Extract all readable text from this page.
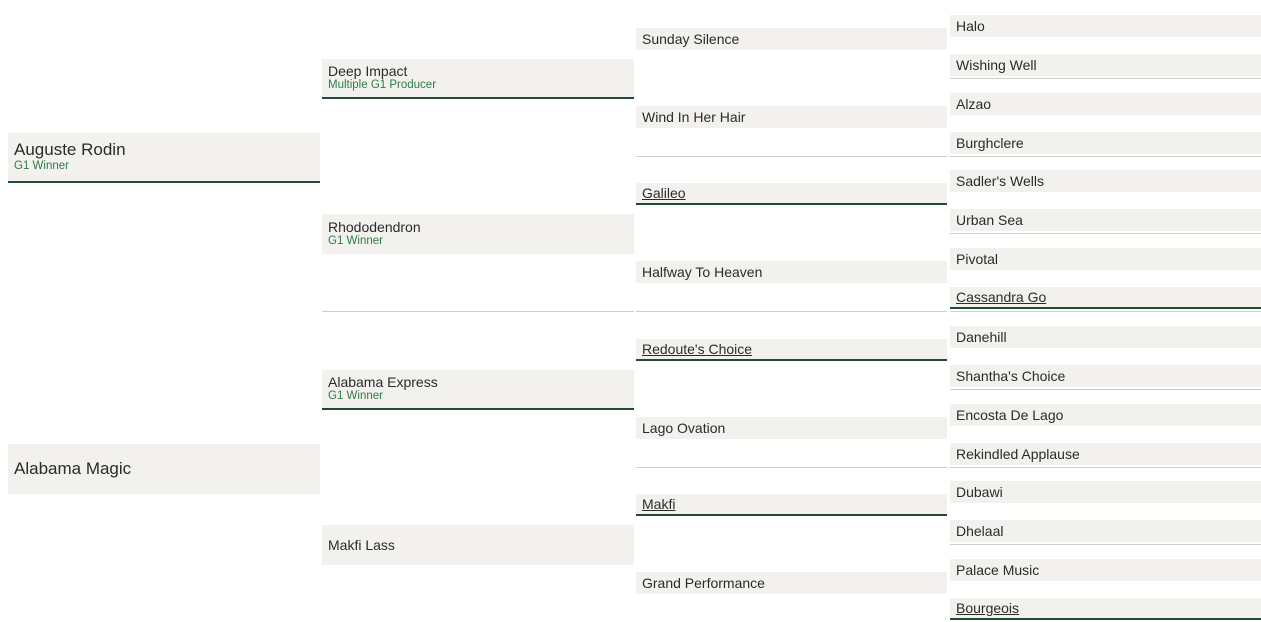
Auguste Rodin
G1 Winner
Alabama Magic
Deep Impact
Multiple G1 Producer
Rhododendron
G1 Winner
Alabama Express
G1 Winner
Makfi Lass
Sunday Silence
Wind In Her Hair
Galileo
Halfway To Heaven
Redoute's Choice
Lago Ovation
Makfi
Grand Performance
Halo
Wishing Well
Alzao
Burghclere
Sadler's Wells
Urban Sea
Pivotal
Cassandra Go
Danehill
Shantha's Choice
Encosta De Lago
Rekindled Applause
Dubawi
Dhelaal
Palace Music
Bourgeois
